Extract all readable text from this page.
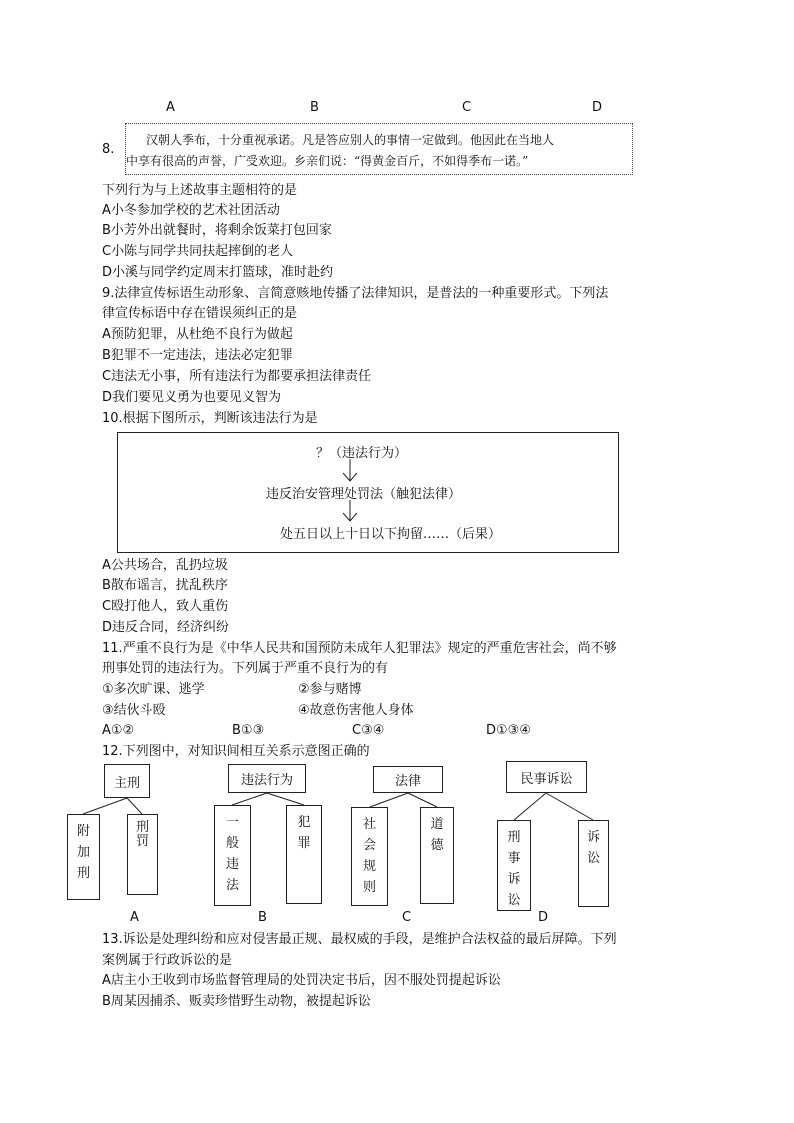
A	B	C	D
8.
汉朝人季布，十分重视承诺。凡是答应别人的事情一定做到。他因此在当地人
中享有很高的声誉，广受欢迎。乡亲们说：“得黄金百斤，不如得季布一诺。”
下列行为与上述故事主题相符的是
A小冬参加学校的艺术社团活动
B小芳外出就餐时，将剩余饭菜打包回家
C小陈与同学共同扶起摔倒的老人
D小溪与同学约定周末打篮球，准时赴约
9.法律宣传标语生动形象、言简意赅地传播了法律知识，是普法的一种重要形式。下列法
律宣传标语中存在错误须纠正的是
A预防犯罪，从杜绝不良行为做起
B犯罪不一定违法，违法必定犯罪
C违法无小事，所有违法行为都要承担法律责任
D我们要见义勇为也要见义智为
10.根据下图所示，判断该违法行为是
？（违法行为）
违反治安管理处罚法（触犯法律）
处五日以上十日以下拘留……（后果）
A公共场合，乱扔垃圾
B散布谣言，扰乱秩序
C殴打他人，致人重伤
D违反合同，经济纠纷
11.严重不良行为是《中华人民共和国预防未成年人犯罪法》规定的严重危害社会，尚不够
刑事处罚的违法行为。下列属于严重不良行为的有
①多次旷课、逃学	②参与赌博
③结伙斗殴	④故意伤害他人身体
A①②	B①③	C③④	D①③④
12.下列图中，对知识间相互关系示意图正确的
主刑
附加刑
刑罚
A
违法行为
一般违法
犯罪
B
法律
社会规则
道德
C
民事诉讼
刑事诉讼
诉讼
D
13.诉讼是处理纠纷和应对侵害最正规、最权威的手段，是维护合法权益的最后屏障。下列
案例属于行政诉讼的是
A店主小王收到市场监督管理局的处罚决定书后，因不服处罚提起诉讼
B周某因捕杀、贩卖珍惜野生动物，被提起诉讼
